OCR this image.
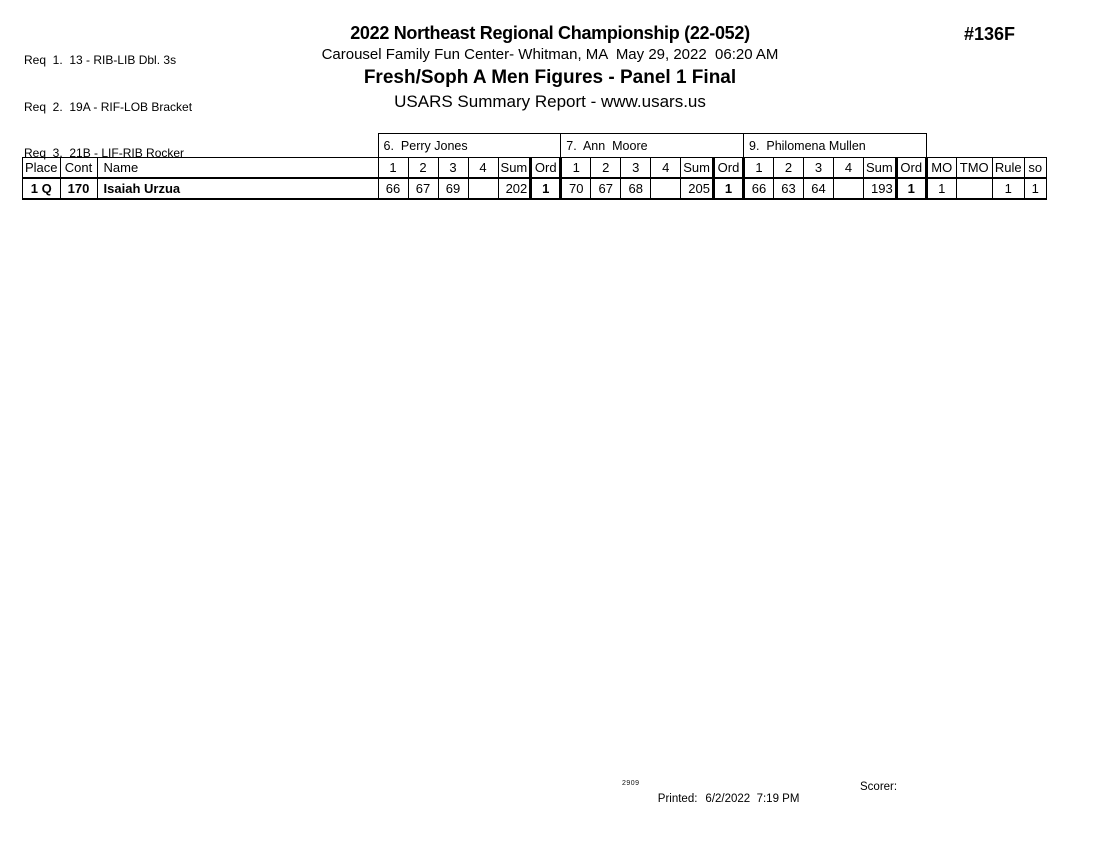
Req  1.  13 - RIB-LIB Dbl. 3s

Req  2.  19A - RIF-LOB Bracket

Req  3.  21B - LIF-RIB Rocker

2022 Northeast Regional Championship (22-052)
Carousel Family Fun Center- Whitman, MA  May 29, 2022  06:20 AM
Fresh/Soph A Men Figures - Panel 1 Final
USARS Summary Report - www.usars.us
#136F
			6.  Perry Jones						7.  Ann  Moore						9.  Philomena Mullen									
Place	Cont	Name	1	2	3	4	Sum	Ord	1	2	3	4	Sum	Ord	1	2	3	4	Sum	Ord	MO	TMO	Rule	so
1 Q	170	Isaiah Urzua	66	67	69		202	1	70	67	68		205	1	66	63	64		193	1	1		1	1
2909

Printed: 6/2/2022  7:19 PM

Scorer:
